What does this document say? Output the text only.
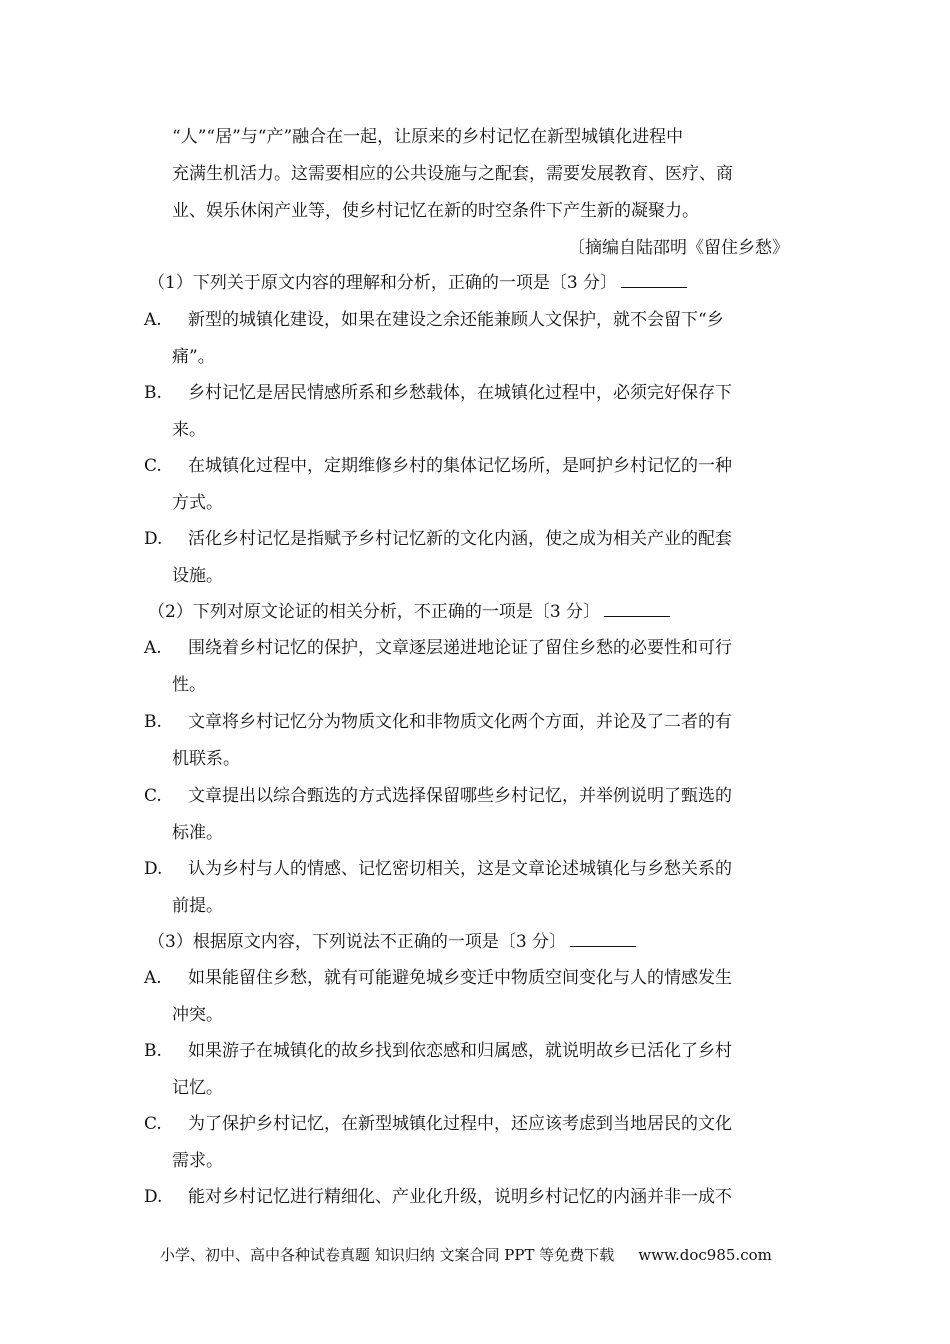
“人”“居”与“产”融合在一起，让原来的乡村记忆在新型城镇化进程中
充满生机活力。这需要相应的公共设施与之配套，需要发展教育、医疗、商
业、娱乐休闲产业等，使乡村记忆在新的时空条件下产生新的凝聚力。
〔摘编自陆邵明《留住乡愁》
（1）下列关于原文内容的理解和分析，正确的一项是〔3 分〕
A.	新型的城镇化建设，如果在建设之余还能兼顾人文保护，就不会留下“乡
痛”。
B.	乡村记忆是居民情感所系和乡愁载体，在城镇化过程中，必须完好保存下
来。
C.	在城镇化过程中，定期维修乡村的集体记忆场所，是呵护乡村记忆的一种
方式。
D.	活化乡村记忆是指赋予乡村记忆新的文化内涵，使之成为相关产业的配套
设施。
（2）下列对原文论证的相关分析，不正确的一项是〔3 分〕
A.	围绕着乡村记忆的保护，文章逐层递进地论证了留住乡愁的必要性和可行
性。
B.	文章将乡村记忆分为物质文化和非物质文化两个方面，并论及了二者的有
机联系。
C.	文章提出以综合甄选的方式选择保留哪些乡村记忆，并举例说明了甄选的
标准。
D.	认为乡村与人的情感、记忆密切相关，这是文章论述城镇化与乡愁关系的
前提。
（3）根据原文内容，下列说法不正确的一项是〔3 分〕
A.	如果能留住乡愁，就有可能避免城乡变迁中物质空间变化与人的情感发生
冲突。
B.	如果游子在城镇化的故乡找到依恋感和归属感，就说明故乡已活化了乡村
记忆。
C.	为了保护乡村记忆，在新型城镇化过程中，还应该考虑到当地居民的文化
需求。
D.	能对乡村记忆进行精细化、产业化升级，说明乡村记忆的内涵并非一成不
小学、初中、高中各种试卷真题 知识归纳 文案合同 PPT 等免费下载 www.doc985.com
